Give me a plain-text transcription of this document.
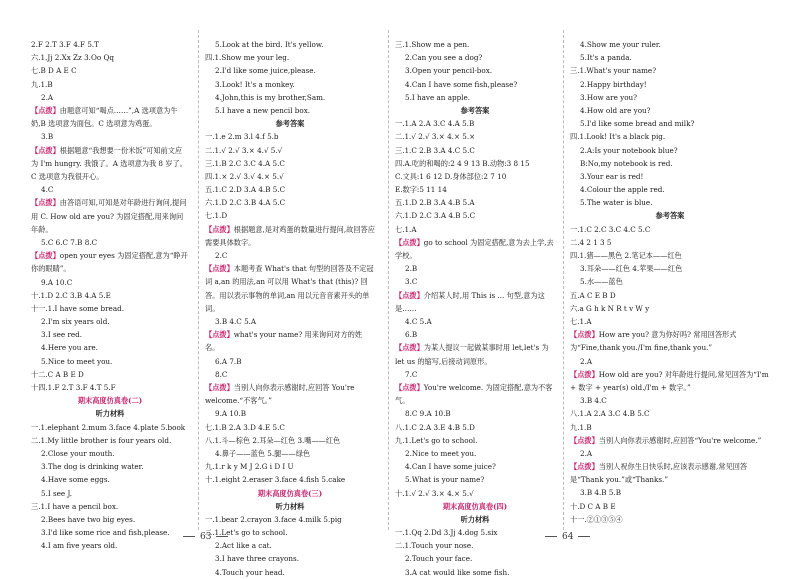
2.F 2.T 3.F 4.F 5.T
六.1.Jj 2.Xx Zz 3.Oo Qq
七.B D A E C
九.1.B
2.A
【点拨】由题意可知“喝点……”,A 选项意为牛奶,B 选项意为面包。C 选项意为鸡蛋。
3.B
【点拨】根据题意“我想要一份米饭”可知前文应为 I'm hungry. 我饿了。A 选项意为我 8 岁了。C 选项意为我很开心。
4.C
【点拨】由答语可知,可知是对年龄进行询问,提问用 C. How old are you? 为固定搭配,用来询问年龄。
5.C 6.C 7.B 8.C
【点拨】open your eyes 为固定搭配,意为“睁开你的眼睛”。
9.A 10.C
十.1.D 2.C 3.B 4.A 5.E
十一.1.I have some bread.
2.I'm six years old.
3.I see red.
4.Here you are.
5.Nice to meet you.
十二.C A B E D
十四.1.F 2.T 3.F 4.T 5.F
期末高度仿真卷(二)
听力材料
一.1.elephant 2.mum 3.face 4.plate 5.book
二.1.My little brother is four years old.
2.Close your mouth.
3.The dog is drinking water.
4.Have some eggs.
5.I see J.
三.1.I have a pencil box.
2.Bees have two big eyes.
3.I'd like some rice and fish,please.
4.I am five years old.
5.Look at the bird. It's yellow.
四.1.Show me your leg.
2.I'd like some juice,please.
3.Look! It's a monkey.
4.John,this is my brother,Sam.
5.I have a new pencil box.
参考答案
一.1.e 2.m 3.l 4.f 5.b
二.1.√ 2.√ 3.× 4.√ 5.√
三.1.B 2.C 3.C 4.A 5.C
四.1.× 2.√ 3.√ 4.× 5.√
五.1.C 2.D 3.A 4.B 5.C
六.1.D 2.C 3.B 4.A 5.C
七.1.D
【点拨】根据题意,是对鸡蛋的数量进行提问,故回答应需要具体数字。
2.C
【点拨】本题考查 What's that 句型的回答及不定冠词 a,an 的用法,an 可以用 What's that (this)? 回答。用以表示事物的单词,an 用以元音音素开头的单词。
3.B 4.C 5.A
【点拨】what's your name? 用来询问对方的姓名。
6.A 7.B
8.C
【点拨】当别人向你表示感谢时,应回答 You're welcome.“不客气。”
9.A 10.B
七.1.B 2.A 3.D 4.E 5.C
八.1.斗—棕色 2.耳朵—红色 3.嘴——红色
4.鼻子——蓝色 5.腿——绿色
九.1.r k y M J 2.G i D I U
十.1.eight 2.eraser 3.face 4.fish 5.cake
期末高度仿真卷(三)
听力材料
一.1.bear 2.crayon 3.face 4.milk 5.pig
二.1.Let's go to school.
2.Act like a cat.
3.I have three crayons.
4.Touch your head.
三.1.Show me a pen.
2.Can you see a dog?
3.Open your pencil-box.
4.Can I have some fish,please?
5.I have an apple.
参考答案
一.1.A 2.A 3.C 4.A 5.B
二.1.√ 2.√ 3.× 4.× 5.×
三.1.C 2.B 3.A 4.C 5.C
四.A.吃的和喝的:2 4 9 13 B.动物:3 8 15
C.文具:1 6 12 D.身体部位:2 7 10
E.数字:5 11 14
五.1.D 2.B 3.A 4.B 5.A
六.1.D 2.C 3.A 4.B 5.C
七.1.A
【点拨】go to school 为固定搭配,意为去上学,去学校。
2.B
3.C
【点拨】介绍某人时,用 This is ... 句型,意为这是……
4.C 5.A
6.B
【点拨】为某人提议一起做某事时用 let,let's 为 let us 的缩写,后接动词原形。
7.C
【点拨】You're welcome. 为固定搭配,意为不客气。
8.C 9.A 10.B
八.1.C 2.A 3.E 4.B 5.D
九.1.Let's go to school.
2.Nice to meet you.
4.Can I have some juice?
5.What is your name?
十.1.√ 2.√ 3.× 4.× 5.√
期末高度仿真卷(四)
听力材料
一.1.Qq 2.Dd 3.Jj 4.dog 5.six
二.1.Touch your nose.
2.Touch your face.
3.A cat would like some fish.
4.Show me your ruler.
5.It's a panda.
三.1.What's your name?
2.Happy birthday!
3.How are you?
4.How old are you?
5.I'd like some bread and milk?
四.1.Look! It's a black pig.
2.A:Is your notebook blue?
B:No,my notebook is red.
3.Your ear is red!
4.Colour the apple red.
5.The water is blue.
参考答案
一.1.C 2.C 3.C 4.C 5.C
二.4 2 1 3 5
四.1.猪——黑色 2.笔记本——红色
3.耳朵——红色 4.苹果——红色
5.水——蓝色
五.A C E B D
六.a G h k N R t v W y
七.1.A
【点拨】How are you? 意为你好吗? 常用回答形式为“Fine,thank you./I'm fine,thank you.”
2.A
【点拨】How old are you? 对年龄进行提问,常见回答为“I'm + 数字 + year(s) old./I'm + 数字。”
3.B 4.C
八.1.A 2.A 3.C 4.B 5.C
九.1.B
【点拨】当别人向你表示感谢时,应回答“You're welcome.”
2.A
【点拨】当别人祝你生日快乐时,应该表示感谢,常见回答是“Thank you.”或“Thanks.”
3.B 4.B 5.B
十.D C A B E
十一.②①③⑤④
63	64
